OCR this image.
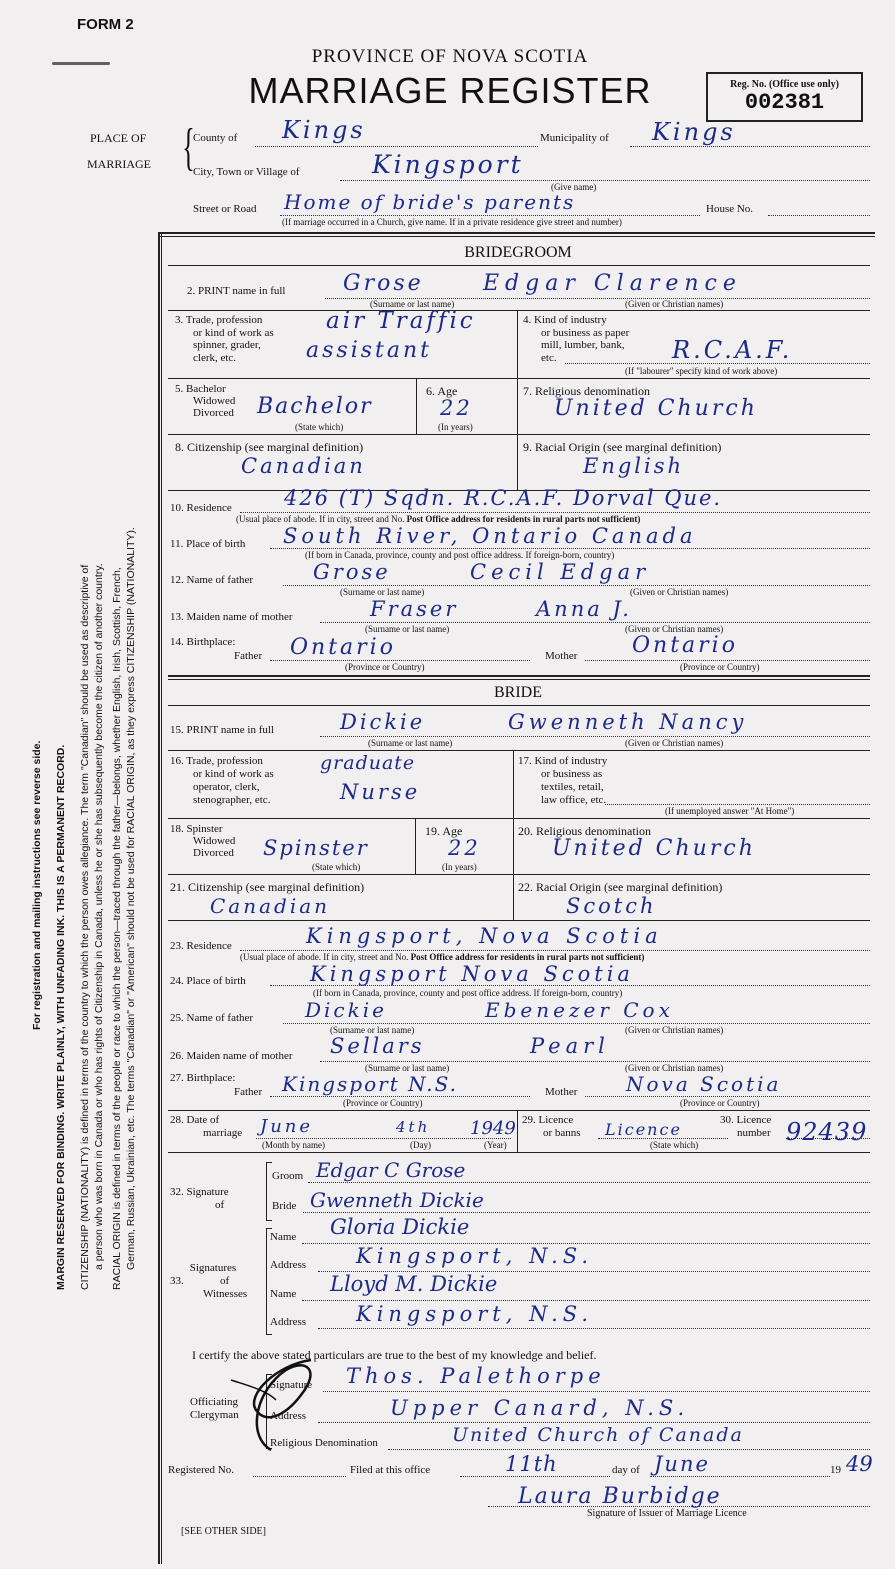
For registration and mailing instructions see reverse side. MARGIN RESERVED FOR BINDING. WRITE PLAINLY, WITH UNFADING INK. THIS IS A PERMANENT RECORD. CITIZENSHIP (NATIONALITY) is defined in terms of the country to which the person owes allegiance. The term "Canadian" should be used as descriptive of a person who was born in Canada or who has rights of Citizenship in Canada, unless he or she has subsequently become the citizen of another country. RACIAL ORIGIN is defined in terms of the people or race to which the person—traced through the father—belongs, whether English, Irish, Scottish, French, German, Russian, Ukrainian, etc. The terms "Canadian" or "American" should not be used for RACIAL ORIGIN, as they express CITIZENSHIP (NATIONALITY).

FORM 2
PROVINCE OF NOVA SCOTIA
MARRIAGE REGISTER	Reg. No. (Office use only)
002381
PLACE OF
MARRIAGE {
County of Kings	Municipality of Kings
City, Town or Village of	Kingsport
(Give name)
Street or Road Home of bride's parents	House No.
(If marriage occurred in a Church, give name. If in a private residence give street and number)
BRIDEGROOM
2. PRINT name in full	Grose	Edgar Clarence
(Surname or last name)	(Given or Christian names)
3. Trade, profession
or kind of work as
spinner, grader,
clerk, etc.
air Traffic
assistant
4. Kind of industry
or business as paper
mill, lumber, bank,
etc.	R.C.A.F.
(If "labourer" specify kind of work above)
5. Bachelor
Widowed
Divorced Bachelor
(State which)
6. Age
22
(In years)
7. Religious denomination
United Church
8. Citizenship (see marginal definition)
Canadian
9. Racial Origin (see marginal definition)
English
10. Residence 426 (T) Sqdn. R.C.A.F. Dorval Que.
(Usual place of abode. If in city, street and No. Post Office address for residents in rural parts not sufficient)
11. Place of birth South River, Ontario Canada
(If born in Canada, province, county and post office address. If foreign-born, country)
12. Name of father	Grose	Cecil Edgar
(Surname or last name)	(Given or Christian names)
13. Maiden name of mother	Fraser	Anna J.
(Surname or last name)	(Given or Christian names)
14. Birthplace:
Father Ontario	Mother Ontario
(Province or Country)	(Province or Country)
BRIDE
15. PRINT name in full	Dickie	Gwenneth Nancy
(Surname or last name)	(Given or Christian names)
16. Trade, profession
or kind of work as
operator, clerk,
stenographer, etc.
graduate
Nurse
17. Kind of industry
or business as
textiles, retail,
law office, etc.
(If unemployed answer "At Home")
18. Spinster
Widowed
Divorced Spinster
(State which)
19. Age
22
(In years)
20. Religious denomination
United Church
21. Citizenship (see marginal definition)
Canadian
22. Racial Origin (see marginal definition)
Scotch
23. Residence	Kingsport, Nova Scotia
(Usual place of abode. If in city, street and No. Post Office address for residents in rural parts not sufficient)
24. Place of birth	Kingsport Nova Scotia
(If born in Canada, province, county and post office address. If foreign-born, country)
25. Name of father	Dickie	Ebenezer Cox
(Surname or last name)	(Given or Christian names)
26. Maiden name of mother Sellars	Pearl
(Surname or last name)	(Given or Christian names)
27. Birthplace:
Father Kingsport N.S.	Mother Nova Scotia
(Province or Country)	(Province or Country)
28. Date of
marriage June	4th 1949
(Month by name)	(Day)	(Year)
29. Licence
or banns Licence
(State which)
30. Licence
number 92439
32. Signature
of
Groom Edgar C Grose
Bride Gwenneth Dickie
33.Signatures
of
Witnesses
Name Gloria Dickie
Address Kingsport, N.S.
Name Lloyd M. Dickie
Address Kingsport, N.S.
I certify the above stated particulars are true to the best of my knowledge and belief.
Officiating
Clergyman
Signature Thos. Palethorpe
Address	Upper Canard, N.S.
Religious Denomination	United Church of Canada
Registered No.	Filed at this office	11th	day of June	19 49
Laura Burbidge
Signature of Issuer of Marriage Licence
[SEE OTHER SIDE]
